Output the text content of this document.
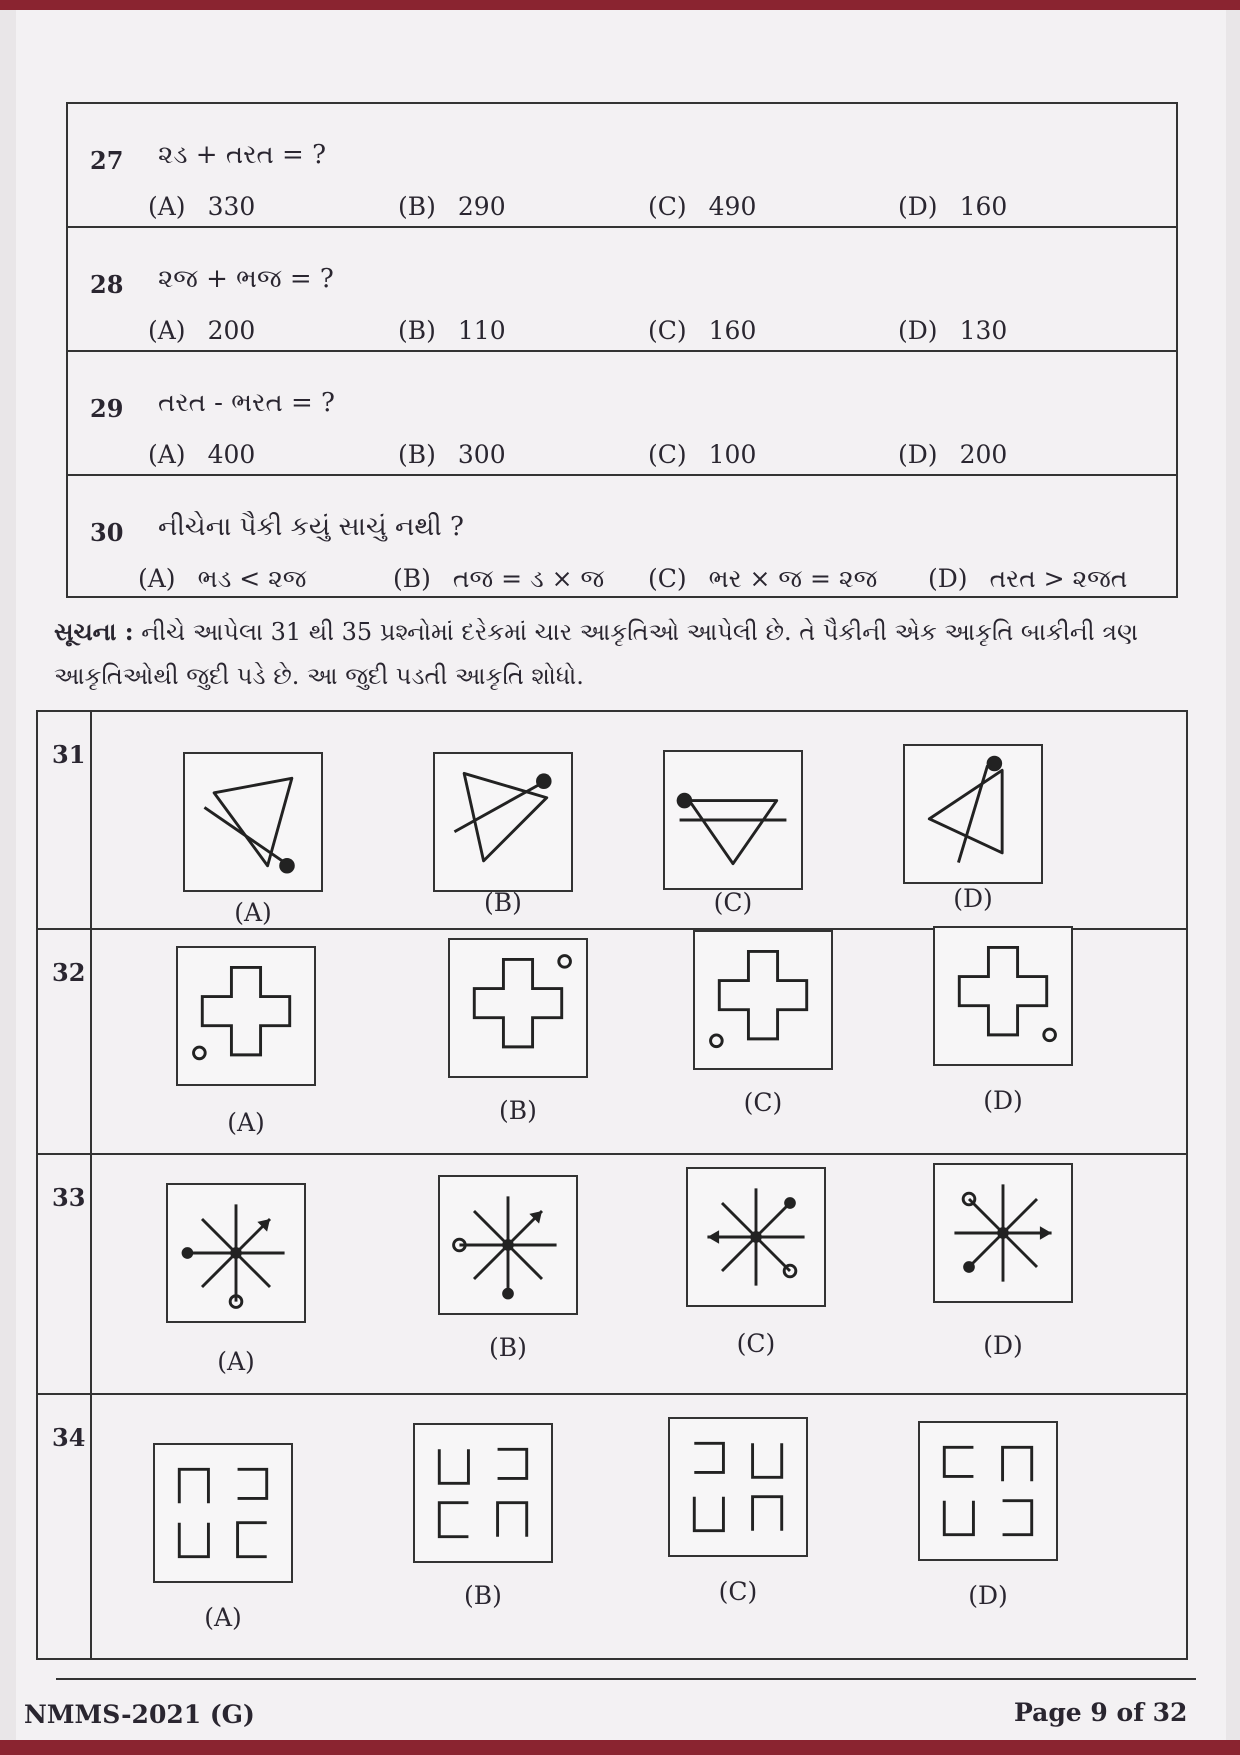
27 ૨ડ + તરત = ?
(A) 330	(B) 290	(C) 490	(D) 160
28 ૨જ + ભજ = ?
(A) 200	(B) 110	(C) 160	(D) 130
29 તરત - ભરત = ?
(A) 400	(B) 300	(C) 100	(D) 200
30 નીચેના પૈકી કયું સાચું નથી ?
(A) ભડ < ૨જ	(B) તજ = ડ × જ (C) ભર × જ = ૨જ (D) તરત > ૨જત
સૂચના : નીચે આપેલા 31 થી 35 પ્રશ્નોમાં દરેકમાં ચાર આકૃતિઓ આપેલી છે. તે પૈકીની એક આકૃતિ બાકીની ત્રણ આકૃતિઓથી જુદી પડે છે. આ જુદી પડતી આકૃતિ શોધો.
31
(A)	(B)	(C)	(D)
32
(A)	(B)	(C)	(D)
33
(A)	(B)	(C)	(D)
34
(A)
(B)	(C)	(D)
NMMS-2021 (G)	Page 9 of 32
